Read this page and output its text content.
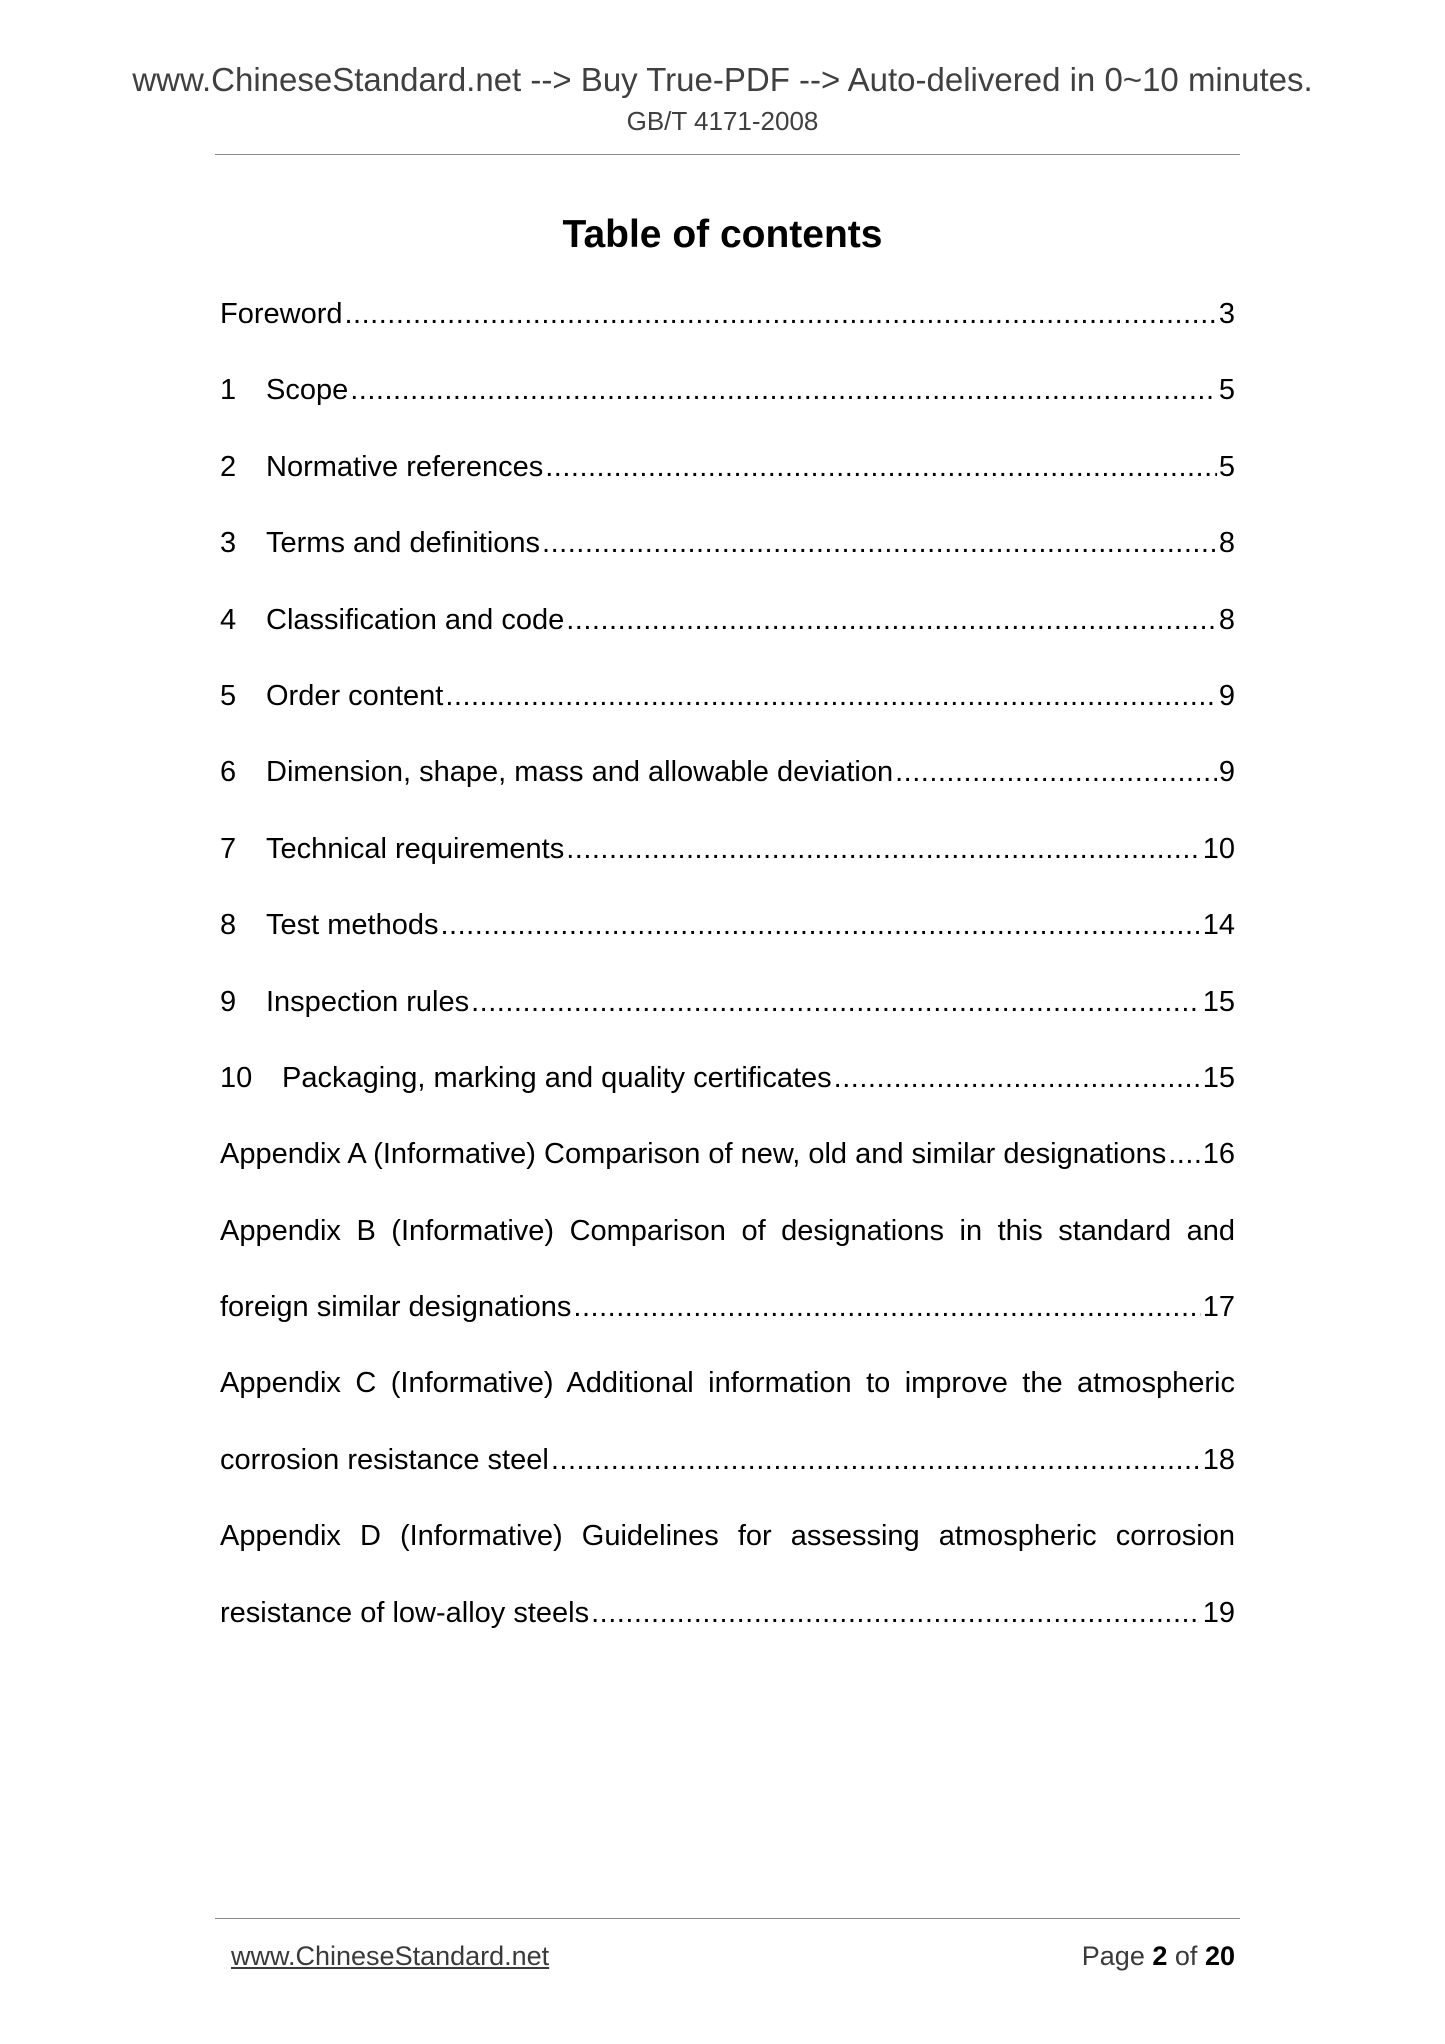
www.ChineseStandard.net --> Buy True-PDF --> Auto-delivered in 0~10 minutes.
GB/T 4171-2008
Table of contents
Foreword .....	3
1 Scope .....	5
2 Normative references .....	5
3 Terms and definitions .....	8
4 Classification and code .....	8
5 Order content .....	9
6 Dimension, shape, mass and allowable deviation .....	9
7 Technical requirements .....	10
8 Test methods .....	14
9 Inspection rules .....	15
10 Packaging, marking and quality certificates .....	15
Appendix A (Informative) Comparison of new, old and similar designations ..... 16
Appendix B (Informative) Comparison of designations in this standard and
foreign similar designations .....	17
Appendix C (Informative) Additional information to improve the atmospheric
corrosion resistance steel .....	18
Appendix D (Informative) Guidelines for assessing atmospheric corrosion
resistance of low-alloy steels .....	19
www.ChineseStandard.net	Page 2 of 20
